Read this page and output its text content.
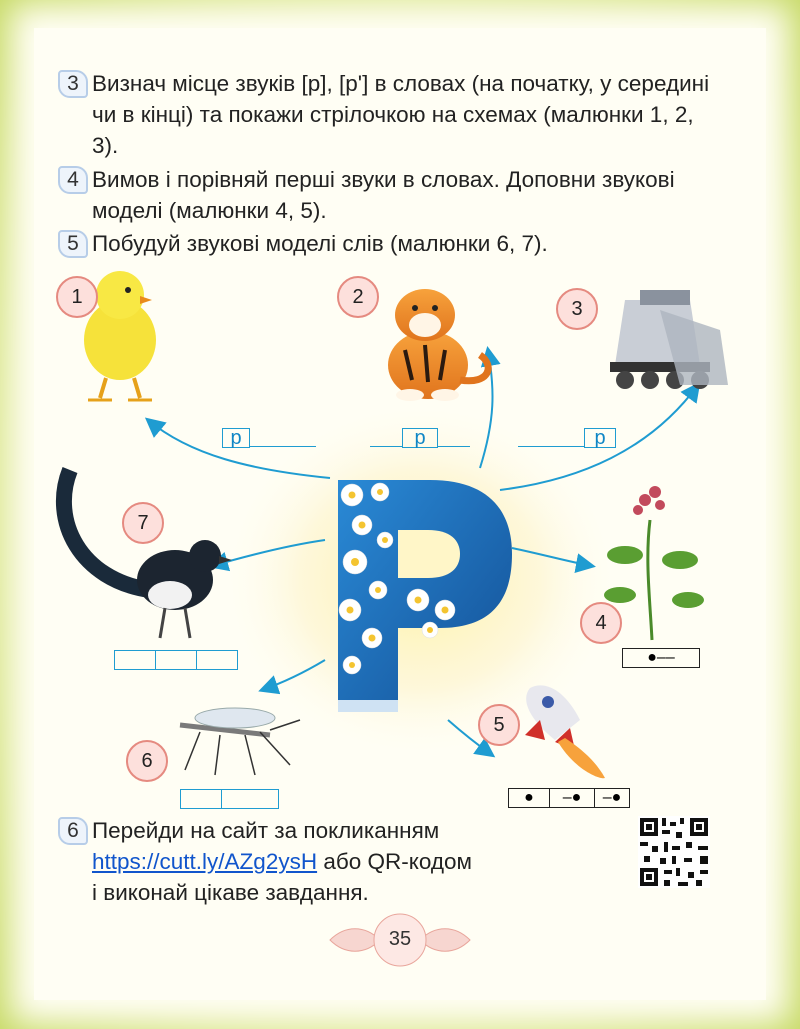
3 Визнач місце звуків [р], [р'] в словах (на початку, у середині чи в кінці) та покажи стрілочкою на схемах (малюнки 1, 2, 3).
4 Вимов і порівняй перші звуки в словах. Доповни звукові моделі (малюнки 4, 5).
5 Побудуй звукові моделі слів (малюнки 6, 7).
1	2
3
4
5
6
7
р	р	р
●––
●	–●	–●
6 Перейди на сайт за покликанням
https://cutt.ly/AZg2ysH або QR-кодом
і виконай цікаве завдання.
35
